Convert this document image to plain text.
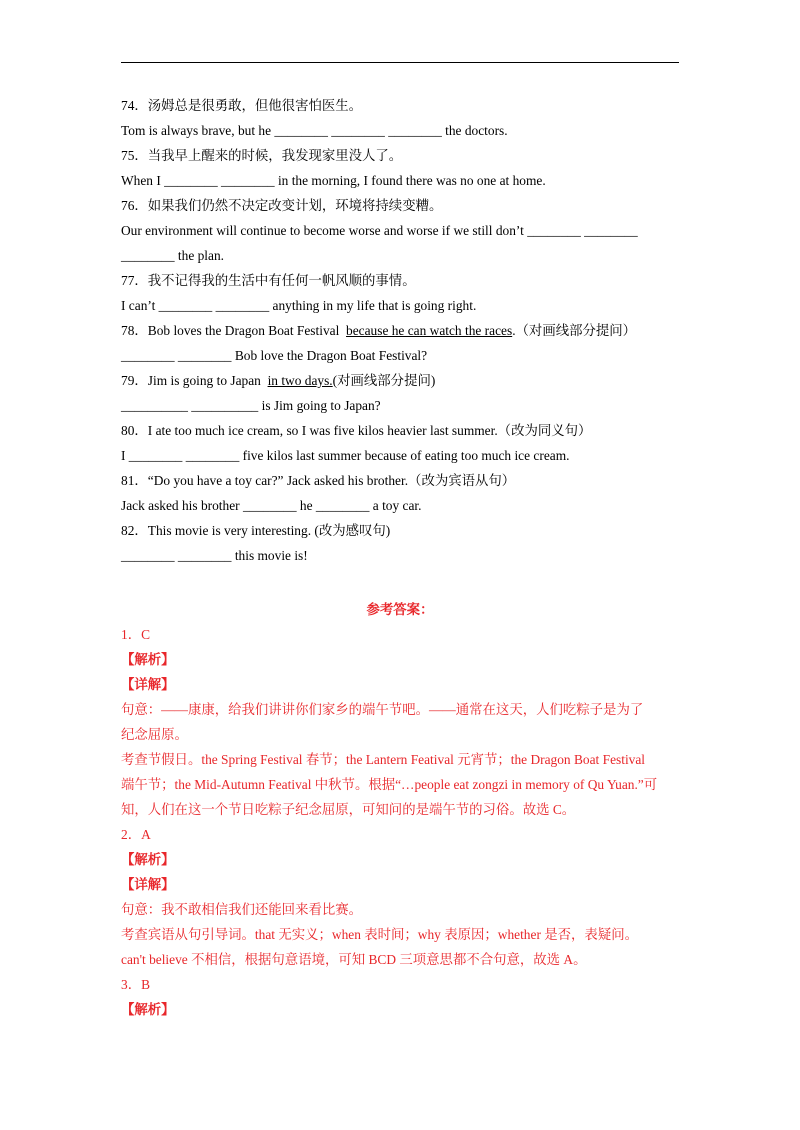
74．汤姆总是很勇敢，但他很害怕医生。
Tom is always brave, but he ________ ________ ________ the doctors.
75．当我早上醒来的时候，我发现家里没人了。
When I ________ ________ in the morning, I found there was no one at home.
76．如果我们仍然不决定改变计划，环境将持续变糟。
Our environment will continue to become worse and worse if we still don’t ________ ________
________ the plan.
77．我不记得我的生活中有任何一帆风顺的事情。
I can’t ________ ________ anything in my life that is going right.
78．Bob loves the Dragon Boat Festival  because he can watch the races.（对画线部分提问）
________ ________ Bob love the Dragon Boat Festival?
79．Jim is going to Japan  in two days.(对画线部分提问)
__________ __________ is Jim going to Japan?
80．I ate too much ice cream, so I was five kilos heavier last summer.（改为同义句）
I ________ ________ five kilos last summer because of eating too much ice cream.
81．“Do you have a toy car?” Jack asked his brother.（改为宾语从句）
Jack asked his brother ________ he ________ a toy car.
82．This movie is very interesting. (改为感叹句)
________ ________ this movie is!
参考答案：
1．C
【解析】
【详解】
句意：——康康，给我们讲讲你们家乡的端午节吧。——通常在这天，人们吃粽子是为了
纪念屈原。
考查节假日。the Spring Festival 春节；the Lantern Featival 元宵节；the Dragon Boat Festival
端午节；the Mid-Autumn Featival 中秋节。根据“…people eat zongzi in memory of Qu Yuan.”可
知，人们在这一个节日吃粽子纪念屈原，可知问的是端午节的习俗。故选 C。
2．A
【解析】
【详解】
句意：我不敢相信我们还能回来看比赛。
考查宾语从句引导词。that 无实义；when 表时间；why 表原因；whether 是否，表疑问。
can't believe 不相信，根据句意语境，可知 BCD 三项意思都不合句意，故选 A。
3．B
【解析】
